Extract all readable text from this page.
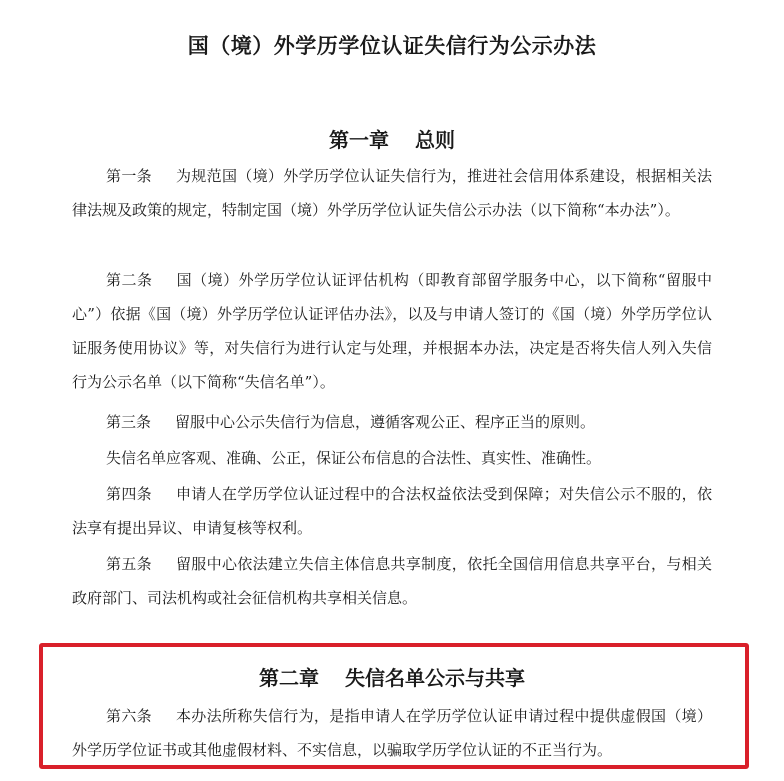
国（境）外学历学位认证失信行为公示办法
第一章 总则
第一条 为规范国（境）外学历学位认证失信行为，推进社会信用体系建设，根据相关法律法规及政策的规定，特制定国（境）外学历学位认证失信公示办法（以下简称“本办法”）。
第二条 国（境）外学历学位认证评估机构（即教育部留学服务中心，以下简称“留服中心”）依据《国（境）外学历学位认证评估办法》，以及与申请人签订的《国（境）外学历学位认证服务使用协议》等，对失信行为进行认定与处理，并根据本办法，决定是否将失信人列入失信行为公示名单（以下简称“失信名单”）。
第三条 留服中心公示失信行为信息，遵循客观公正、程序正当的原则。
失信名单应客观、准确、公正，保证公布信息的合法性、真实性、准确性。
第四条 申请人在学历学位认证过程中的合法权益依法受到保障；对失信公示不服的，依法享有提出异议、申请复核等权利。
第五条 留服中心依法建立失信主体信息共享制度，依托全国信用信息共享平台，与相关政府部门、司法机构或社会征信机构共享相关信息。
第二章 失信名单公示与共享
第六条 本办法所称失信行为，是指申请人在学历学位认证申请过程中提供虚假国（境）外学历学位证书或其他虚假材料、不实信息，以骗取学历学位认证的不正当行为。
